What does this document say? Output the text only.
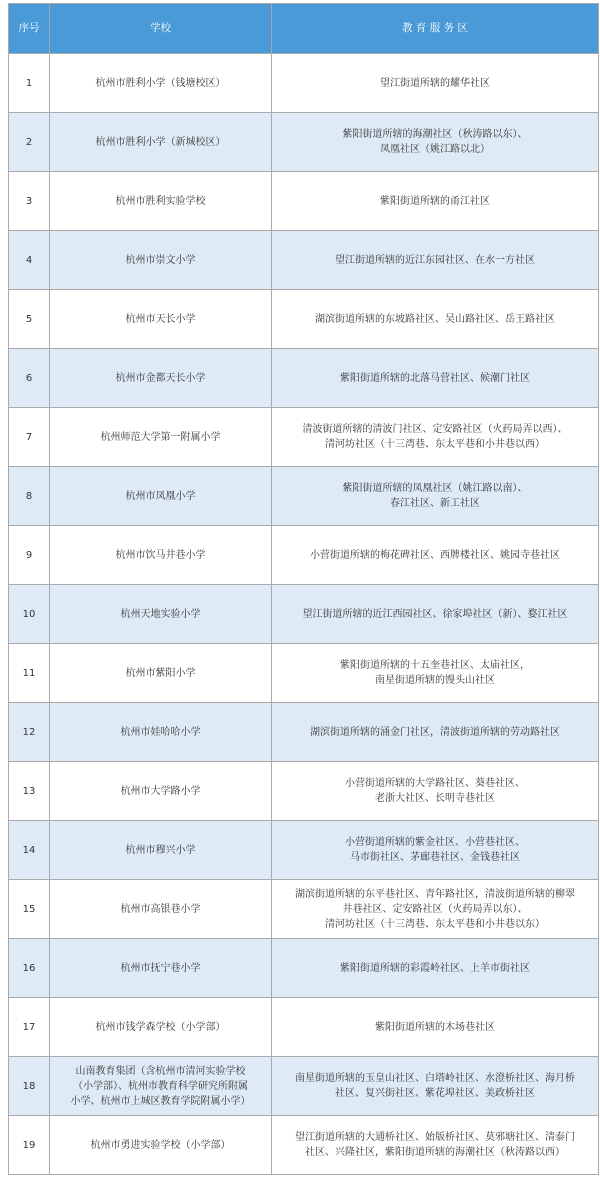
序号	学校	教 育 服 务 区
1	杭州市胜利小学（钱塘校区）	望江街道所辖的耀华社区
2	杭州市胜利小学（新城校区）	紫阳街道所辖的海潮社区（秋涛路以东）、
凤凰社区（姚江路以北）
3	杭州市胜利实验学校	紫阳街道所辖的甬江社区
4	杭州市崇文小学	望江街道所辖的近江东园社区、在水一方社区
5	杭州市天长小学	湖滨街道所辖的东坡路社区、吴山路社区、岳王路社区
6	杭州市金都天长小学	紫阳街道所辖的北落马营社区、候潮门社区
7	杭州师范大学第一附属小学	清波街道所辖的清波门社区、定安路社区（火药局弄以西）、
清河坊社区（十三湾巷、东太平巷和小井巷以西）
8	杭州市凤凰小学	紫阳街道所辖的凤凰社区（姚江路以南）、
春江社区、新工社区
9	杭州市饮马井巷小学	小营街道所辖的梅花碑社区、西牌楼社区、姚园寺巷社区
10	杭州天地实验小学	望江街道所辖的近江西园社区、徐家埠社区（新）、婺江社区
11	杭州市紫阳小学	紫阳街道所辖的十五奎巷社区、太庙社区，
南星街道所辖的馒头山社区
12	杭州市娃哈哈小学	湖滨街道所辖的涌金门社区，清波街道所辖的劳动路社区
13	杭州市大学路小学	小营街道所辖的大学路社区、葵巷社区、
老浙大社区、长明寺巷社区
14	杭州市穆兴小学	小营街道所辖的紫金社区、小营巷社区、
马市街社区、茅廊巷社区、金钱巷社区
15	杭州市高银巷小学	湖滨街道所辖的东平巷社区、青年路社区，清波街道所辖的柳翠
井巷社区、定安路社区（火药局弄以东）、
清河坊社区（十三湾巷、东太平巷和小井巷以东）
16	杭州市抚宁巷小学	紫阳街道所辖的彩霞岭社区、上羊市街社区
17	杭州市钱学森学校（小学部）	紫阳街道所辖的木场巷社区
18	山南教育集团（含杭州市清河实验学校
（小学部）、杭州市教育科学研究所附属
小学、杭州市上城区教育学院附属小学）	南星街道所辖的玉皇山社区、白塔岭社区、水澄桥社区、海月桥
社区、复兴街社区、紫花埠社区、美政桥社区
19	杭州市勇进实验学校（小学部）	望江街道所辖的大通桥社区、始版桥社区、莫邪塘社区、清泰门
社区、兴隆社区，紫阳街道所辖的海潮社区（秋涛路以西）
